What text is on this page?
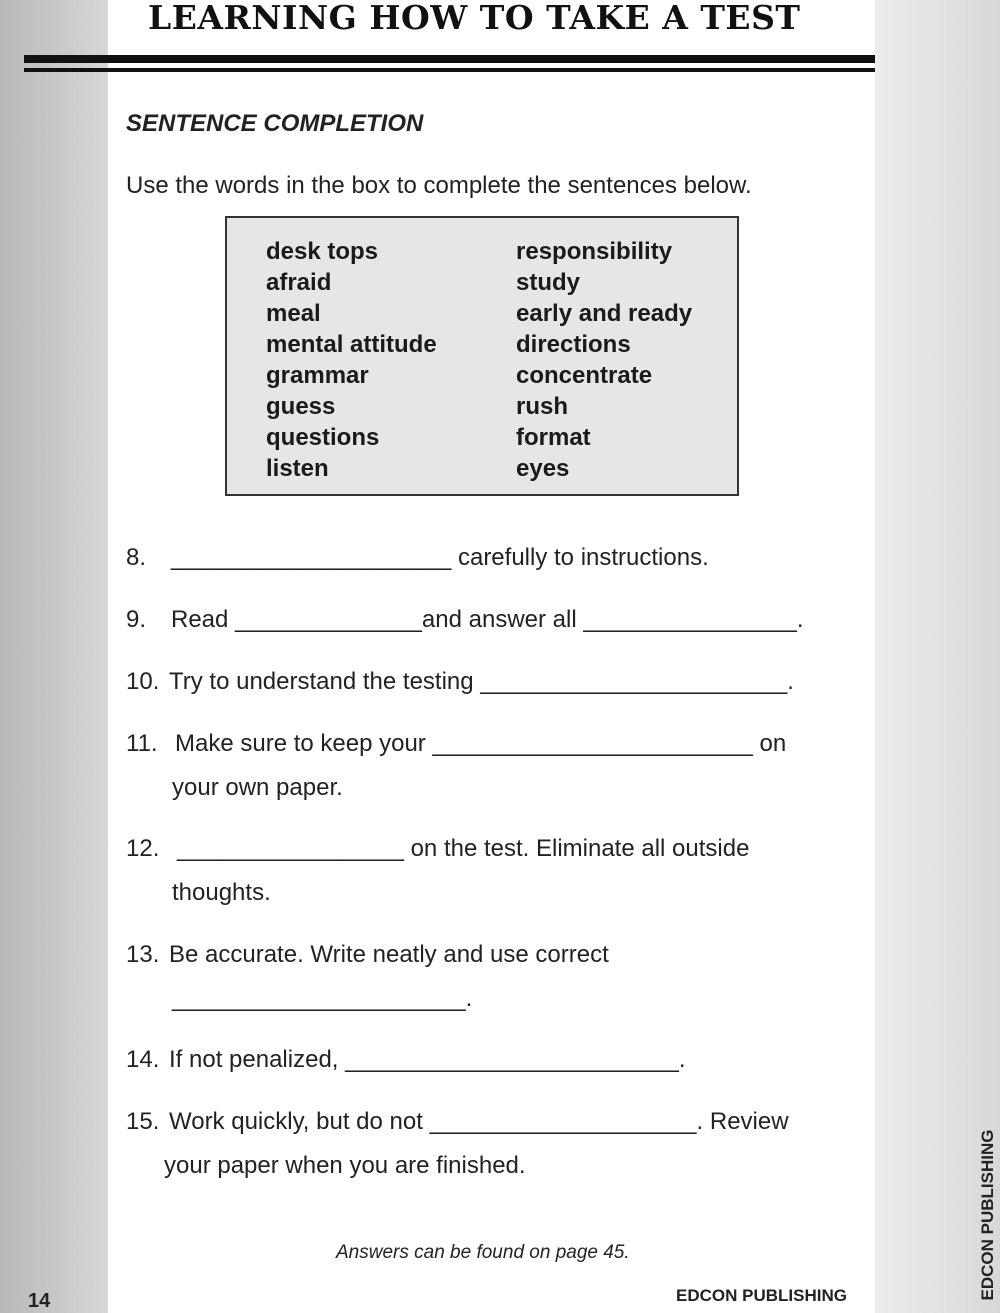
LEARNING HOW TO TAKE A TEST
SENTENCE COMPLETION
Use the words in the box to complete the sentences below.
desk tops
afraid
meal
mental attitude
grammar
guess
questions
listen
responsibility
study
early and ready
directions
concentrate
rush
format
eyes
8. _____________________ carefully to instructions.
9. Read ______________and answer all ________________.
10. Try to understand the testing _______________________.
11. Make sure to keep your ________________________ on
your own paper.
12. _________________ on the test. Eliminate all outside
thoughts.
13. Be accurate. Write neatly and use correct
______________________.
14. If not penalized, _________________________.
15. Work quickly, but do not ____________________. Review
your paper when you are finished.
Answers can be found on page 45.
14	EDCON PUBLISHING	EDCON PUBLISHING
